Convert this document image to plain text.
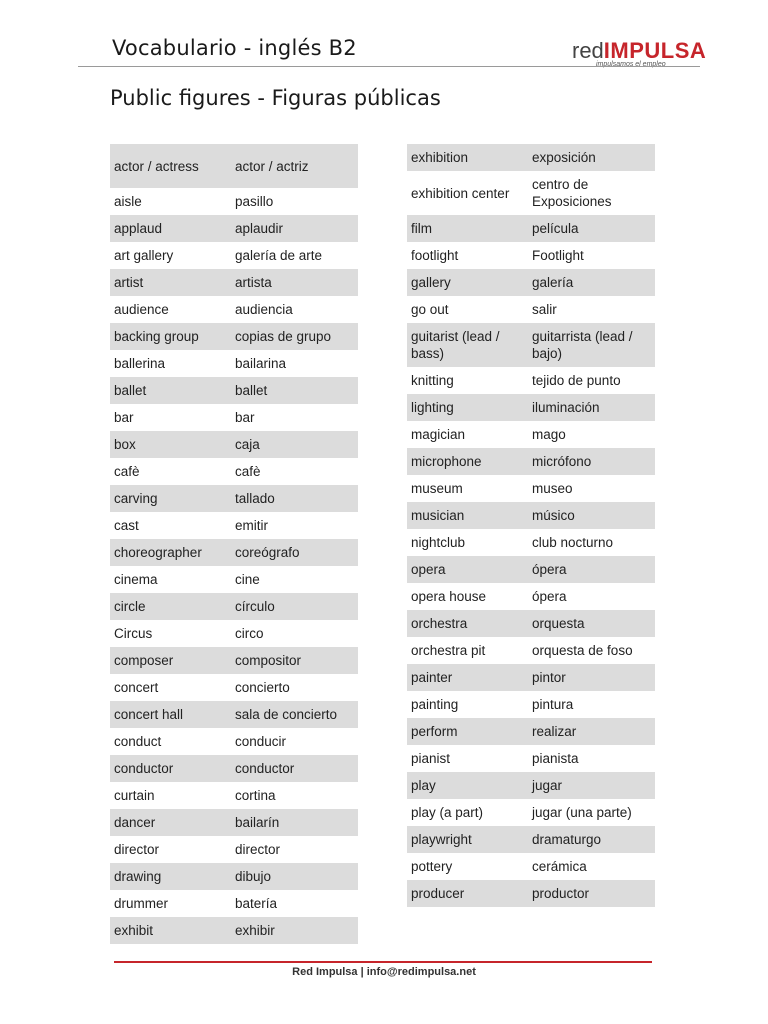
Vocabulario - inglés B2	redIMPULSA
impulsamos el empleo
Public figures - Figuras públicas
actor / actress	actor / actriz
aisle	pasillo
applaud	aplaudir
art gallery	galería de arte
artist	artista
audience	audiencia
backing group	copias de grupo
ballerina	bailarina
ballet	ballet
bar	bar
box	caja
cafè	cafè
carving	tallado
cast	emitir
choreographer	coreógrafo
cinema	cine
circle	círculo
Circus	circo
composer	compositor
concert	concierto
concert hall	sala de concierto
conduct	conducir
conductor	conductor
curtain	cortina
dancer	bailarín
director	director
drawing	dibujo
drummer	batería
exhibit	exhibir
exhibition	exposición
exhibition center	centro de Exposiciones
film	película
footlight	Footlight
gallery	galería
go out	salir
guitarist (lead / bass)	guitarrista (lead / bajo)
knitting	tejido de punto
lighting	iluminación
magician	mago
microphone	micrófono
museum	museo
musician	músico
nightclub	club nocturno
opera	ópera
opera house	ópera
orchestra	orquesta
orchestra pit	orquesta de foso
painter	pintor
painting	pintura
perform	realizar
pianist	pianista
play	jugar
play (a part)	jugar (una parte)
playwright	dramaturgo
pottery	cerámica
producer	productor
Red Impulsa | info@redimpulsa.net
